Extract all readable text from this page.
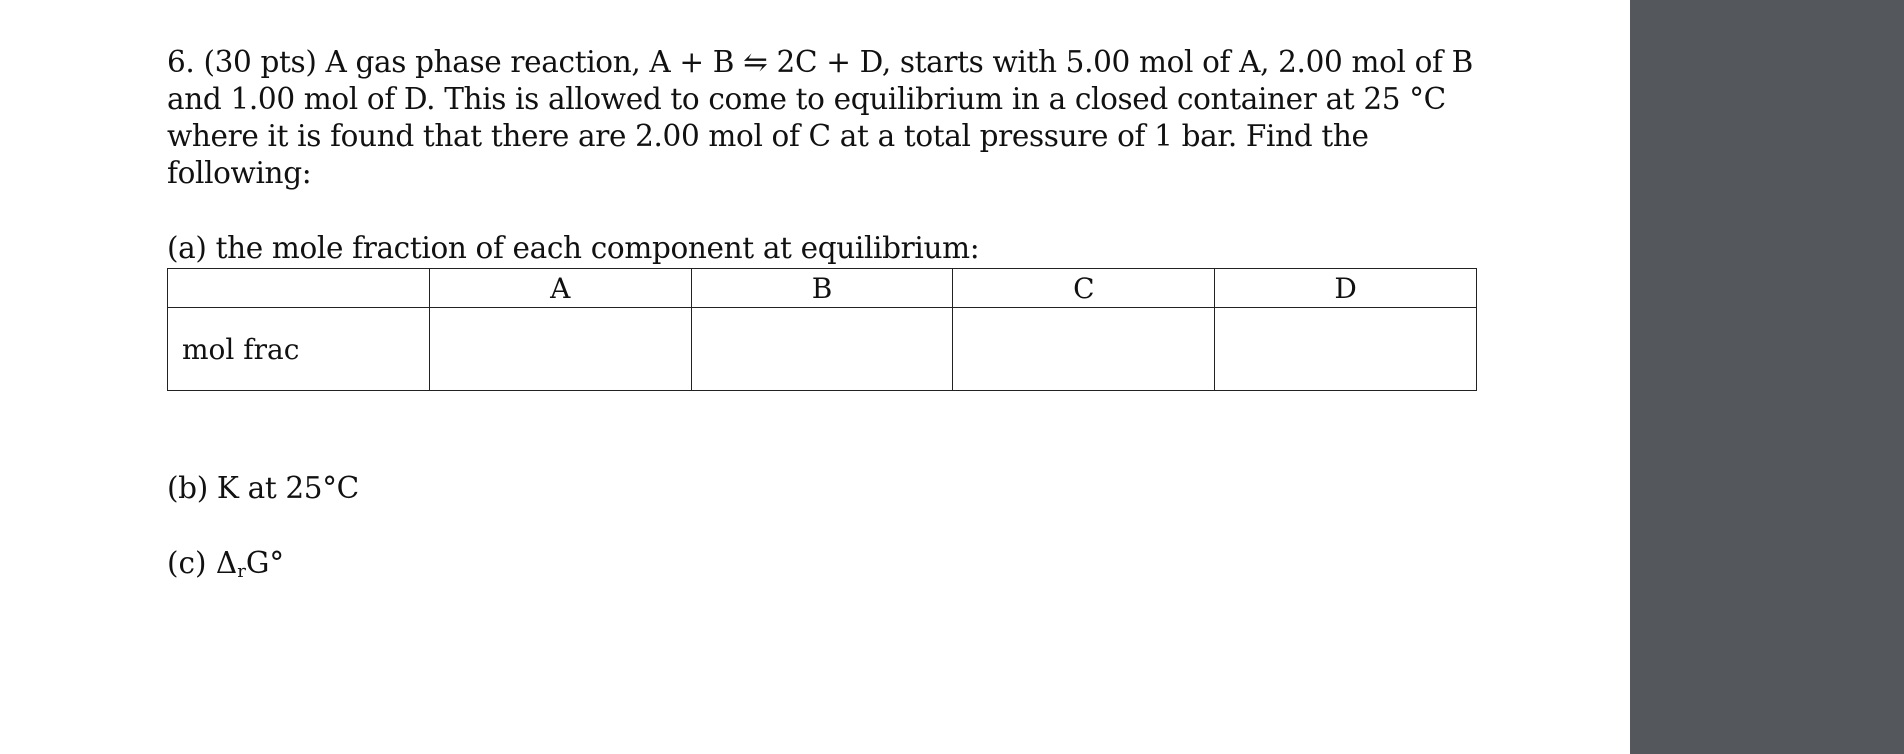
6. (30 pts) A gas phase reaction, A + B ⇋ 2C + D, starts with 5.00 mol of A, 2.00 mol of B and 1.00 mol of D. This is allowed to come to equilibrium in a closed container at 25 °C where it is found that there are 2.00 mol of C at a total pressure of 1 bar. Find the following:

(a) the mole fraction of each component at equilibrium:

	A	B	C	D
mol frac				

(b) K at 25°C

(c) $\Delta_rG^\circ$
